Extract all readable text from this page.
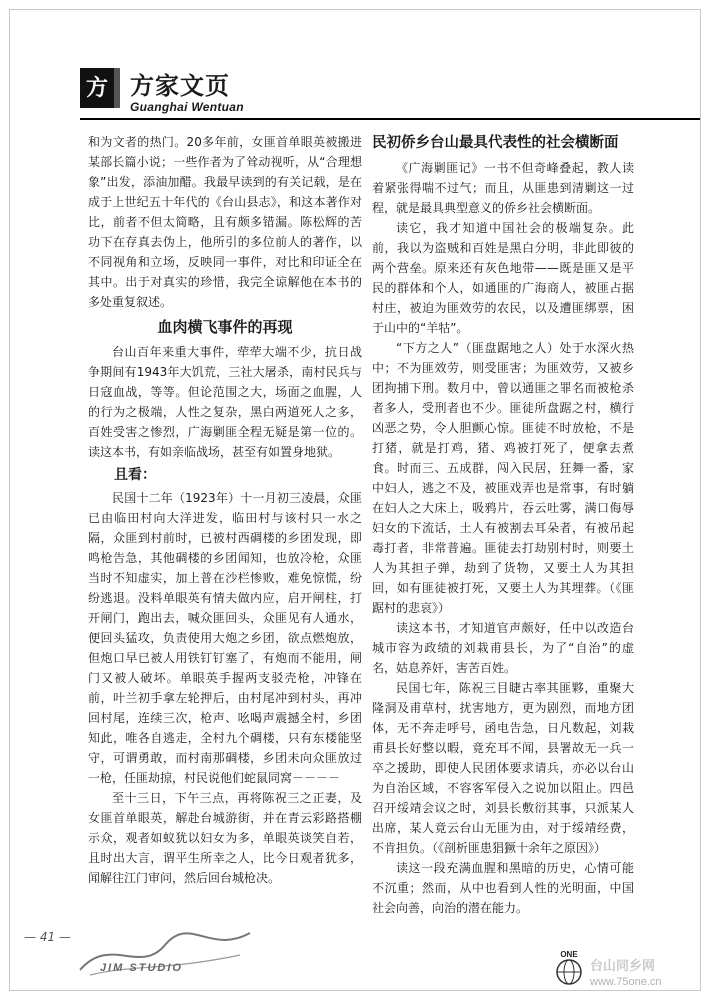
方 方家文页
Guanghai Wentuan

和为文者的热门。20多年前，女匪首单眼英被搬进某部长篇小说；一些作者为了耸动视听，从“合理想象”出发，添油加醋。我最早读到的有关记载，是在成于上世纪五十年代的《台山县志》，和这本著作对比，前者不但太简略，且有颇多错漏。陈松辉的苦功下在存真去伪上，他所引的多位前人的著作，以不同视角和立场，反映同一事件，对比和印证全在其中。出于对真实的珍惜，我完全谅解他在本书的多处重复叙述。

血肉横飞事件的再现

台山百年来重大事件，荦荦大端不少，抗日战争期间有1943年大饥荒，三社大屠杀，南村民兵与日寇血战，等等。但论范围之大，场面之血腥，人的行为之极端，人性之复杂，黑白两道死人之多，百姓受害之惨烈，广海剿匪全程无疑是第一位的。读这本书，有如亲临战场，甚至有如置身地狱。

且看：

民国十二年（1923年）十一月初三凌晨，众匪已由临田村向大洋进发，临田村与该村只一水之隔，众匪到村前时，已被村西碉楼的乡团发现，即鸣枪告急，其他碉楼的乡团闻知，也放冷枪，众匪当时不知虚实，加上普在沙栏惨败，难免惊慌，纷纷逃退。没料单眼英有情夫做内应，启开闸柱，打开闸门，跑出去，喊众匪回头，众匪见有人通水，便回头猛攻，负责使用大炮之乡团，欲点燃炮放，但炮口早已被人用铁钉钉塞了，有炮而不能用，闸门又被人破坏。单眼英手握两支驳壳枪，冲锋在前，叶兰初手拿左轮押后，由村尾冲到村头，再冲回村尾，连续三次，枪声、吆喝声震撼全村，乡团知此，唯各自逃走，全村九个碉楼，只有东楼能坚守，可谓勇敢，而村南那碉楼，乡团未向众匪放过一枪，任匪劫掠，村民说他们蛇鼠同窝－－－－

至十三日，下午三点，再将陈祝三之正妻，及女匪首单眼英，解赴台城游街，并在青云彩路搭棚示众，观者如蚁犹以妇女为多，单眼英谈笑自若，且时出大言，谓平生所幸之人，比今日观者犹多，闻解往江门审问，然后回台城枪决。

民初侨乡台山最具代表性的社会横断面

《广海剿匪记》一书不但奇峰叠起，教人读着紧张得喘不过气；而且，从匪患到清剿这一过程，就是最具典型意义的侨乡社会横断面。

读它，我才知道中国社会的极端复杂。此前，我以为盗贼和百姓是黑白分明，非此即彼的两个营垒。原来还有灰色地带——既是匪又是平民的群体和个人，如通匪的广海商人，被匪占据村庄，被迫为匪效劳的农民，以及遭匪绑票，困于山中的“羊牯”。

“下方之人”（匪盘踞地之人）处于水深火热中；不为匪效劳，则受匪害；为匪效劳，又被乡团拘捕下刑。数月中，曾以通匪之罪名而被枪杀者多人，受刑者也不少。匪徒所盘踞之村，横行凶恶之势，令人胆颤心惊。匪徒不时放枪，不是打猪，就是打鸡，猪、鸡被打死了，便拿去煮食。时而三、五成群，闯入民居，狂舞一番，家中妇人，逃之不及，被匪戏弄也是常事，有时躺在妇人之大床上，吸鸦片，吞云吐雾，满口侮辱妇女的下流话，土人有被割去耳朵者，有被吊起毒打者，非常普遍。匪徒去打劫别村时，则要土人为其担子弹，劫到了货物，又要土人为其担回，如有匪徒被打死，又要土人为其埋葬。（《匪踞村的悲哀》）

读这本书，才知道官声颇好，任中以改造台城市容为政绩的刘栽甫县长，为了“自治”的虚名，姑息养奸，害苦百姓。

民国七年，陈祝三目睫古率其匪夥，重聚大隆洞及甫草村，扰害地方，更为剧烈，而地方团体，无不奔走呼号，函电告急，日凡数起，刘栽甫县长好整以暇，竟充耳不闻，县署故无一兵一卒之援助，即使人民团体要求请兵，亦必以台山为自治区域，不容客军侵入之说加以阻止。四邑召开绥靖会议之时，刘县长敷衍其事，只派某人出席，某人竟云台山无匪为由，对于绥靖经费，不肯担负。（《剖析匪患猖獗十余年之原因》）

读这一段充满血腥和黑暗的历史，心情可能不沉重；然而，从中也看到人性的光明面，中国社会向善，向治的潜在能力。

— 41 —
JIM STUDIO
ONE
台山同乡网
www.75one.cn
